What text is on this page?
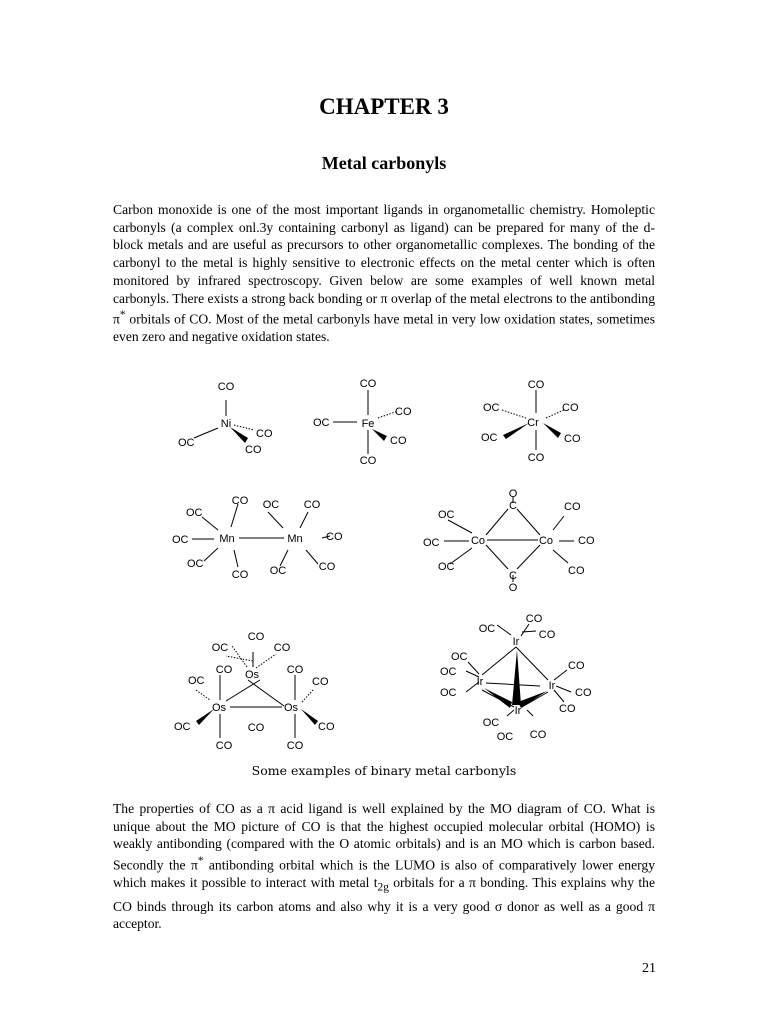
CHAPTER 3
Metal carbonyls

Carbon monoxide is one of the most important ligands in organometallic chemistry. Homoleptic carbonyls (a complex onl.3y containing carbonyl as ligand) can be prepared for many of the d-block metals and are useful as precursors to other organometallic complexes. The bonding of the carbonyl to the metal is highly sensitive to electronic effects on the metal center which is often monitored by infrared spectroscopy. Given below are some examples of well known metal carbonyls. There exists a strong back bonding or π overlap of the metal electrons to the antibonding π* orbitals of CO. Most of the metal carbonyls have metal in very low oxidation states, sometimes even zero and negative oxidation states.

CO
Ni
CO
OC
CO
CO
OC	Fe
CO
CO
CO
CO
OC	CO
Cr
OC	CO
CO
CO OC CO
OC
OC	Mn	Mn CO
OC
OC	CO
CO
O
C	CO
OC
OC	Co	Co CO
OC
C	CO
O
CO
OC	CO
CO	CO
Os
OC	CO
Os	Os
OC	CO	CO
CO	CO
CO
OC	CO
Ir
OC
OC
Ir
CO
Ir
CO
OC
CO
Ir
OC
CO
OC
Some examples of binary metal carbonyls

The properties of CO as a π acid ligand is well explained by the MO diagram of CO. What is unique about the MO picture of CO is that the highest occupied molecular orbital (HOMO) is weakly antibonding (compared with the O atomic orbitals) and is an MO which is carbon based. Secondly the π* antibonding orbital which is the LUMO is also of comparatively lower energy which makes it possible to interact with metal $t_{2g}$ orbitals for a π bonding. This explains why the CO binds through its carbon atoms and also why it is a very good σ donor as well as a good π acceptor.

21
